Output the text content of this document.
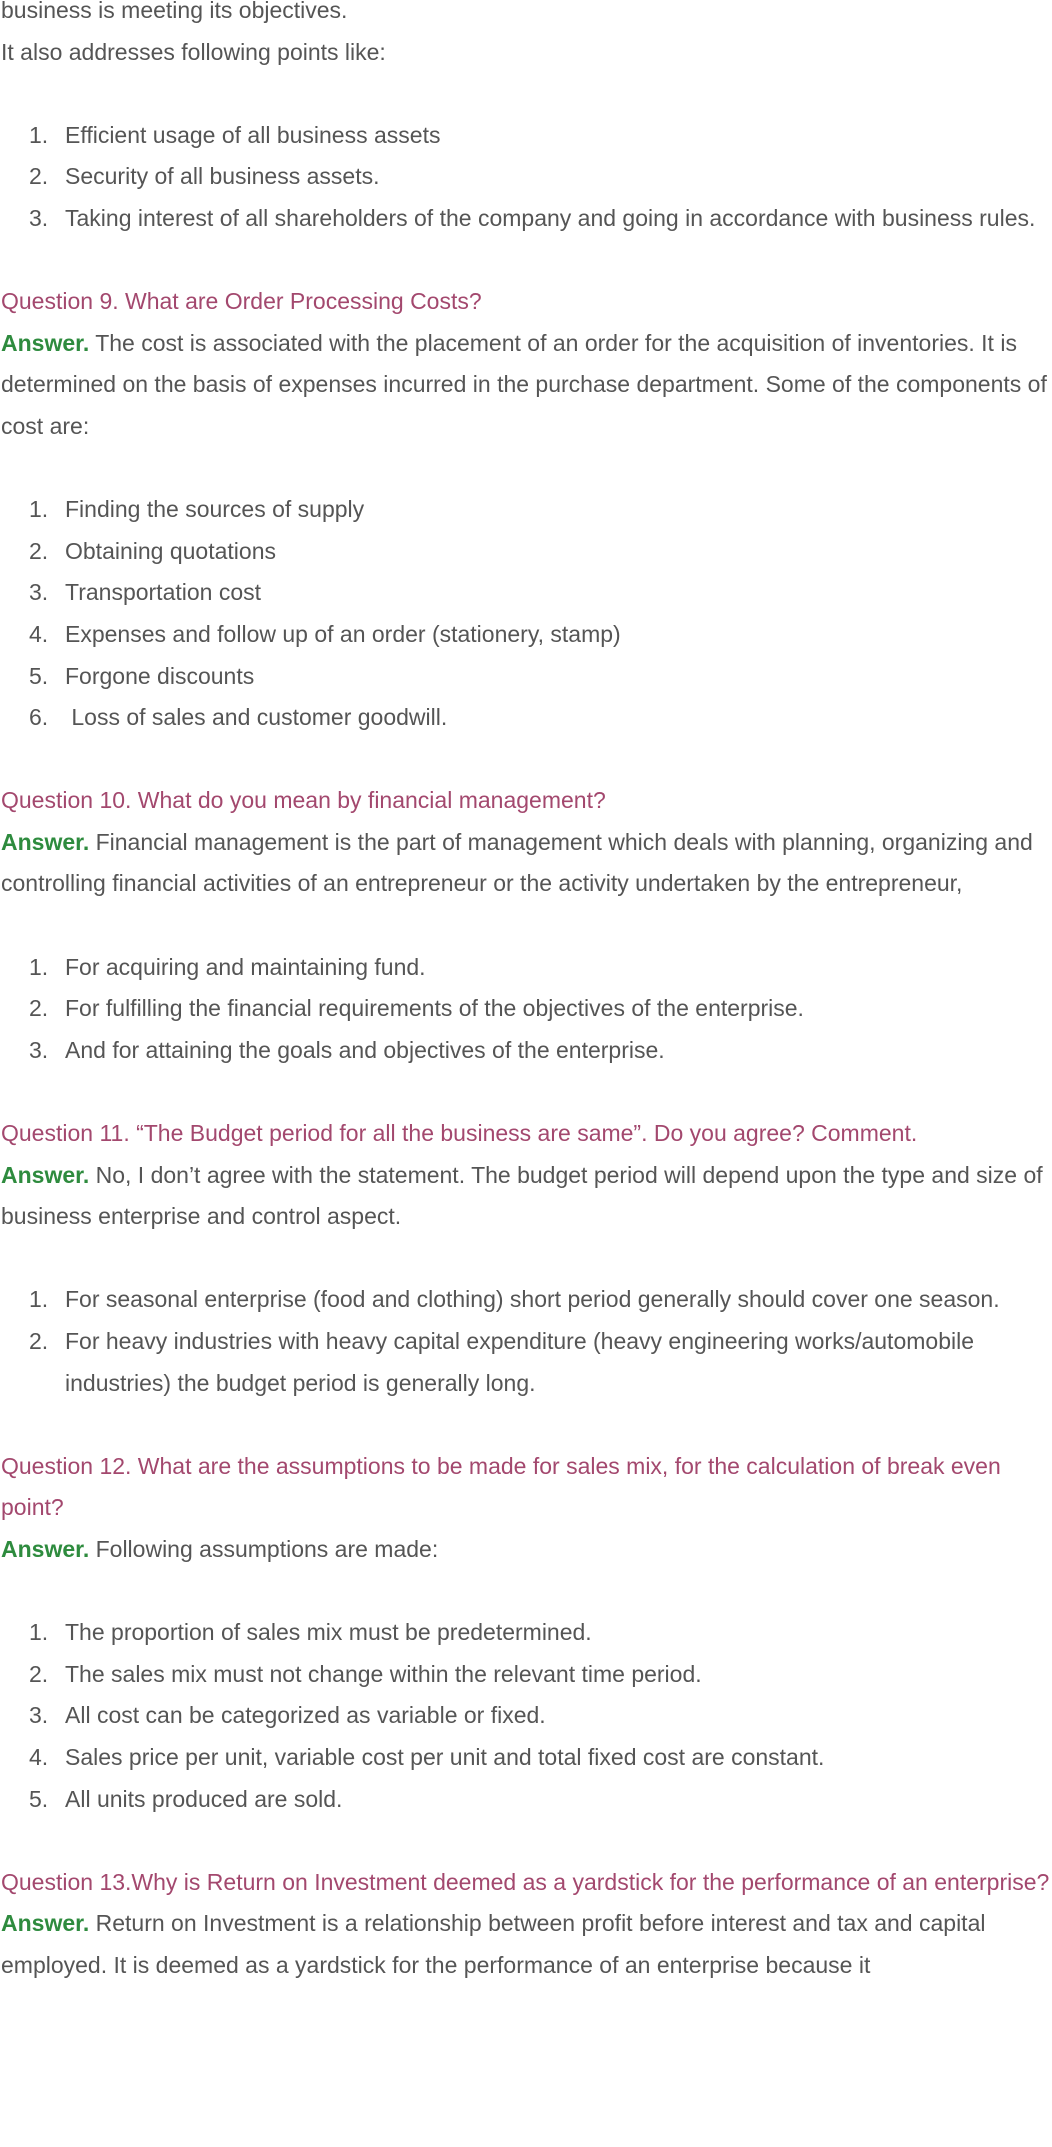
business is meeting its objectives.

It also addresses following points like:

1. Efficient usage of all business assets
2. Security of all business assets.
3. Taking interest of all shareholders of the company and going in accordance with business rules.

Question 9. What are Order Processing Costs?

Answer. The cost is associated with the placement of an order for the acquisition of inventories. It is determined on the basis of expenses incurred in the purchase department. Some of the components of cost are:

1. Finding the sources of supply
2. Obtaining quotations
3. Transportation cost
4. Expenses and follow up of an order (stationery, stamp)
5. Forgone discounts
6. Loss of sales and customer goodwill.

Question 10. What do you mean by financial management?

Answer. Financial management is the part of management which deals with planning, organizing and controlling financial activities of an entrepreneur or the activity undertaken by the entrepreneur,

1. For acquiring and maintaining fund.
2. For fulfilling the financial requirements of the objectives of the enterprise.
3. And for attaining the goals and objectives of the enterprise.

Question 11. “The Budget period for all the business are same”. Do you agree? Comment.

Answer. No, I don’t agree with the statement. The budget period will depend upon the type and size of business enterprise and control aspect.

1. For seasonal enterprise (food and clothing) short period generally should cover one season.
2. For heavy industries with heavy capital expenditure (heavy engineering works/automobile industries) the budget period is generally long.

Question 12. What are the assumptions to be made for sales mix, for the calculation of break even point?

Answer. Following assumptions are made:

1. The proportion of sales mix must be predetermined.
2. The sales mix must not change within the relevant time period.
3. All cost can be categorized as variable or fixed.
4. Sales price per unit, variable cost per unit and total fixed cost are constant.
5. All units produced are sold.

Question 13.Why is Return on Investment deemed as a yardstick for the performance of an enterprise?

Answer. Return on Investment is a relationship between profit before interest and tax and capital employed. It is deemed as a yardstick for the performance of an enterprise because it
